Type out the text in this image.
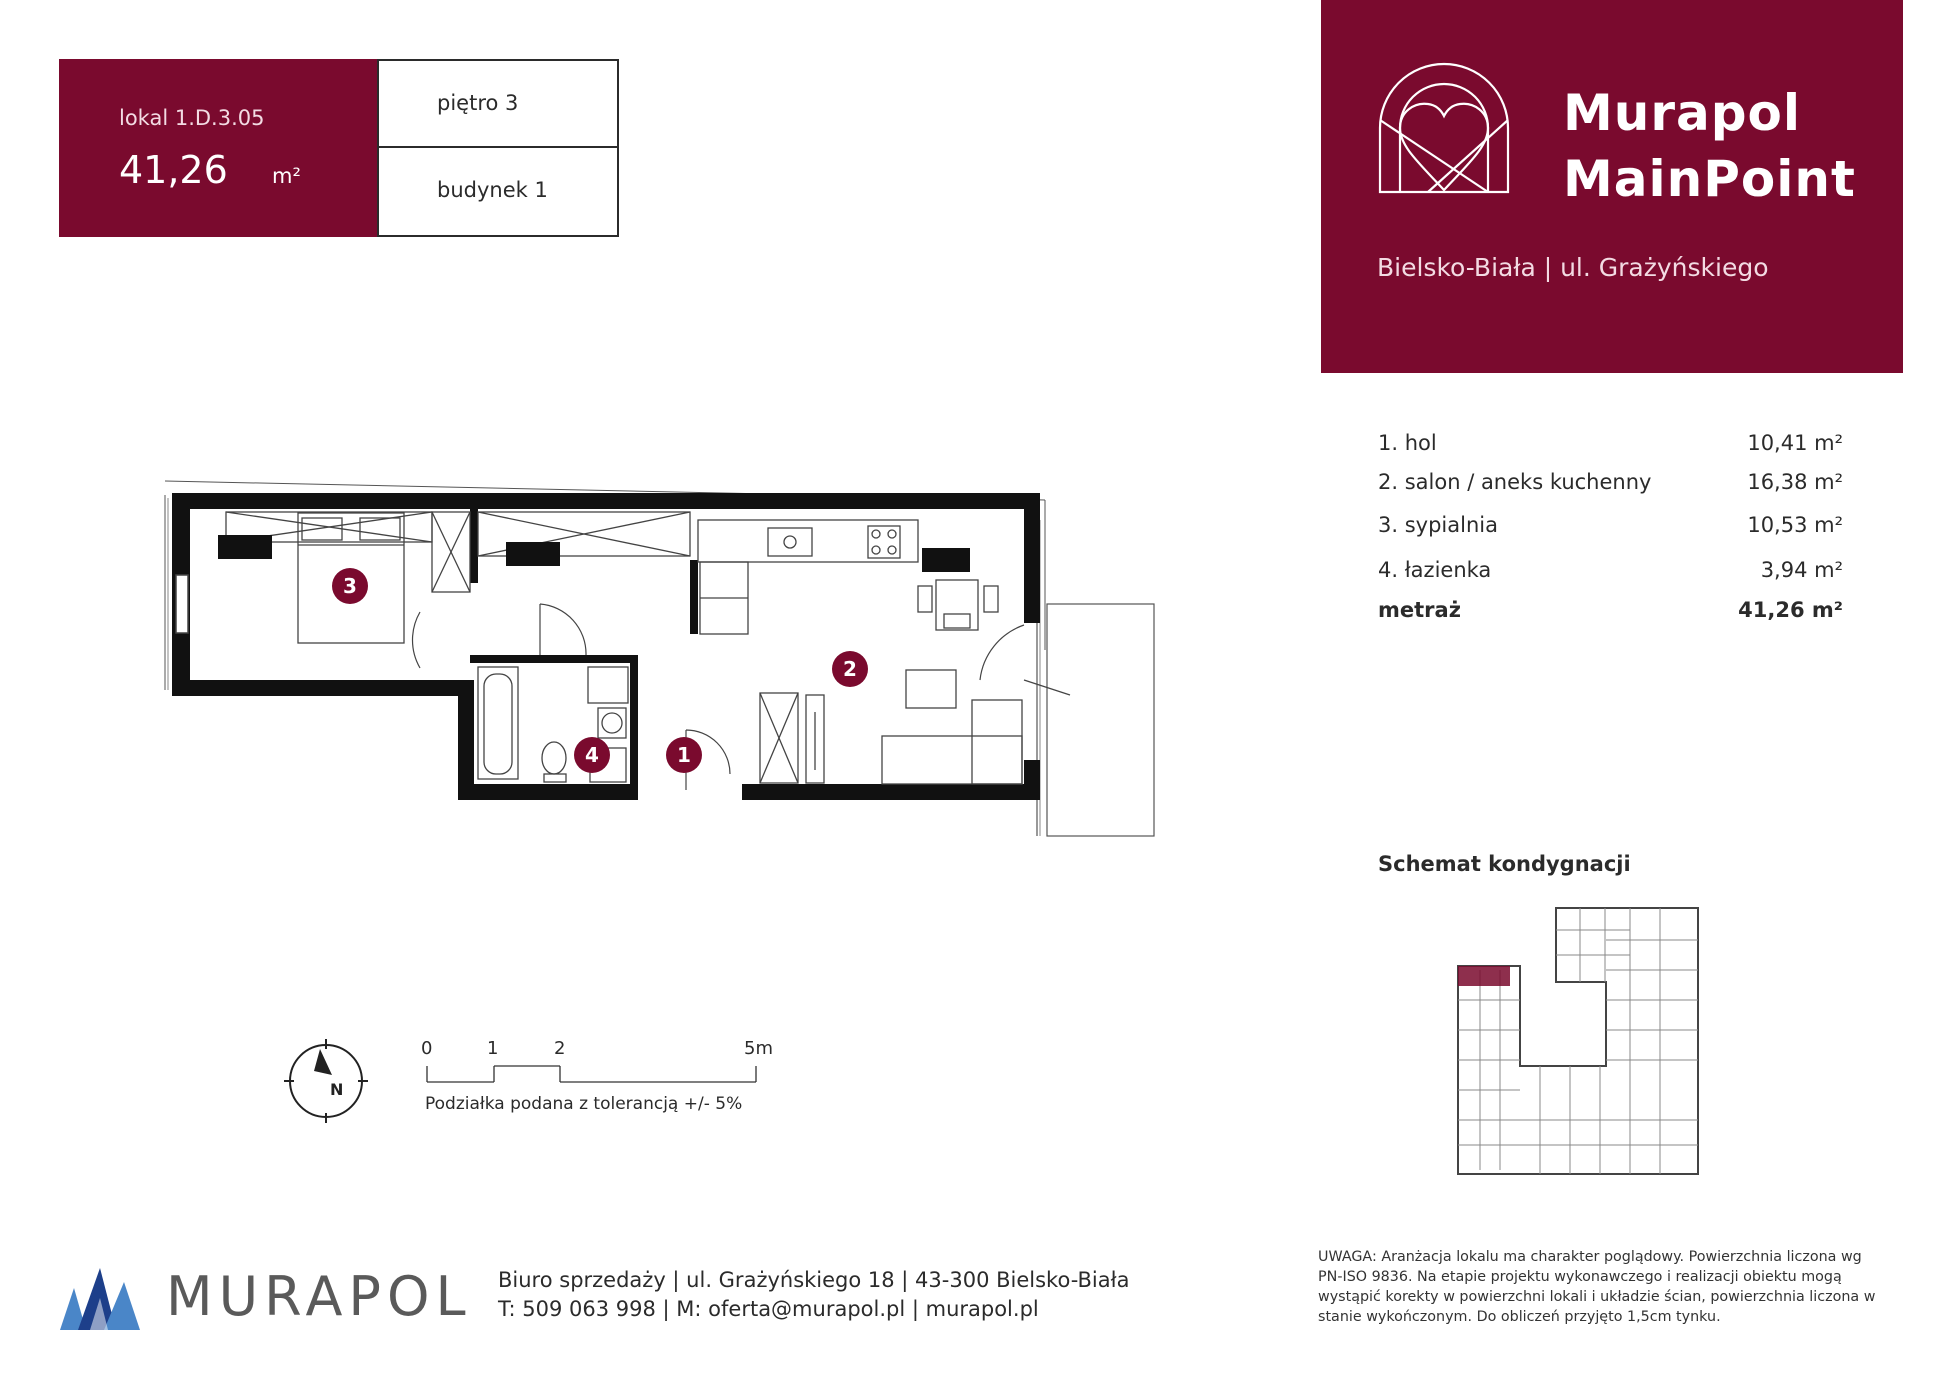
lokal 1.D.3.05
41,26 m²
piętro 3
budynek 1
Murapol
MainPoint
Bielsko-Biała | ul. Grażyńskiego
1. hol	10,41 m²
2. salon / aneks kuchenny	16,38 m²
3. sypialnia	10,53 m²
4. łazienka	3,94 m²
metraż	41,26 m²
3
2
1
4
N
0	1	2	5m
Podziałka podana z tolerancją +/- 5%
Schemat kondygnacji
MURAPOL Biuro sprzedaży | ul. Grażyńskiego 18 | 43-300 Bielsko-Biała
T: 509 063 998 | M: oferta@murapol.pl | murapol.pl
UWAGA: Aranżacja lokalu ma charakter poglądowy. Powierzchnia liczona wg PN-ISO 9836. Na etapie projektu wykonawczego i realizacji obiektu mogą wystąpić korekty w powierzchni lokali i układzie ścian, powierzchnia liczona w stanie wykończonym. Do obliczeń przyjęto 1,5cm tynku.
